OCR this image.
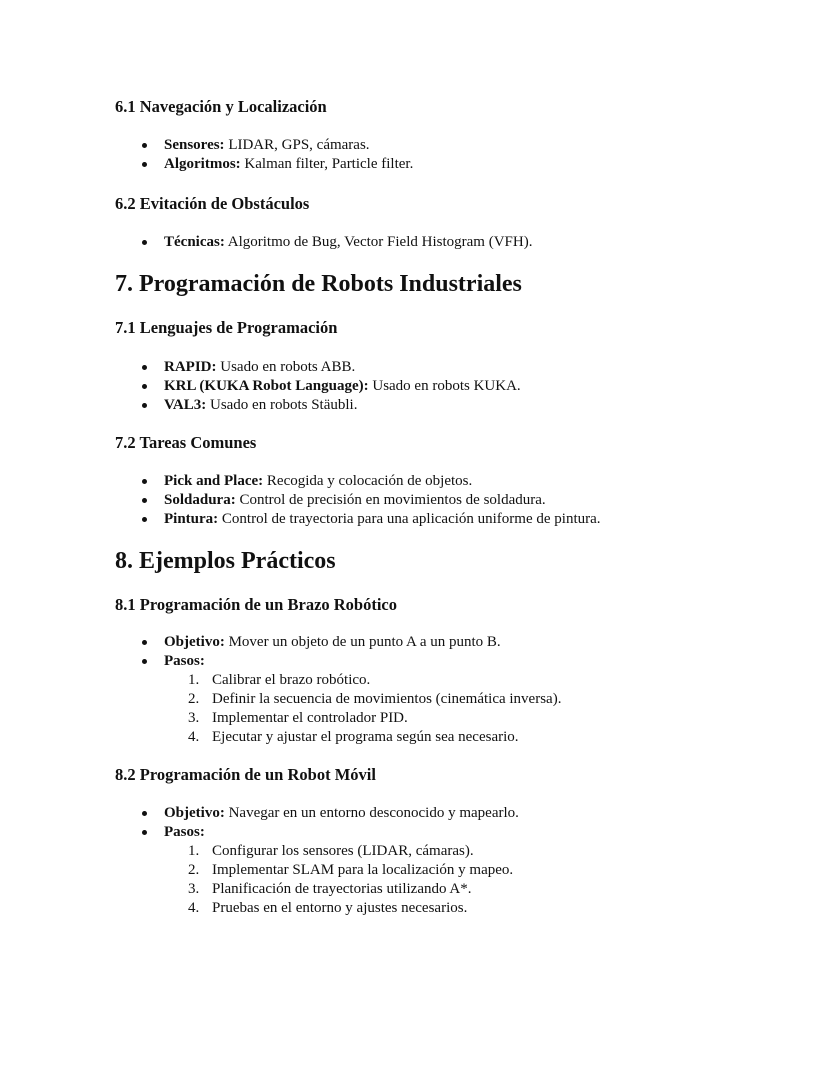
6.1 Navegación y Localización
Sensores: LIDAR, GPS, cámaras.
Algoritmos: Kalman filter, Particle filter.
6.2 Evitación de Obstáculos
Técnicas: Algoritmo de Bug, Vector Field Histogram (VFH).
7. Programación de Robots Industriales
7.1 Lenguajes de Programación
RAPID: Usado en robots ABB.
KRL (KUKA Robot Language): Usado en robots KUKA.
VAL3: Usado en robots Stäubli.
7.2 Tareas Comunes
Pick and Place: Recogida y colocación de objetos.
Soldadura: Control de precisión en movimientos de soldadura.
Pintura: Control de trayectoria para una aplicación uniforme de pintura.
8. Ejemplos Prácticos
8.1 Programación de un Brazo Robótico
Objetivo: Mover un objeto de un punto A a un punto B.
Pasos:
1. Calibrar el brazo robótico.
2. Definir la secuencia de movimientos (cinemática inversa).
3. Implementar el controlador PID.
4. Ejecutar y ajustar el programa según sea necesario.
8.2 Programación de un Robot Móvil
Objetivo: Navegar en un entorno desconocido y mapearlo.
Pasos:
1. Configurar los sensores (LIDAR, cámaras).
2. Implementar SLAM para la localización y mapeo.
3. Planificación de trayectorias utilizando A*.
4. Pruebas en el entorno y ajustes necesarios.
